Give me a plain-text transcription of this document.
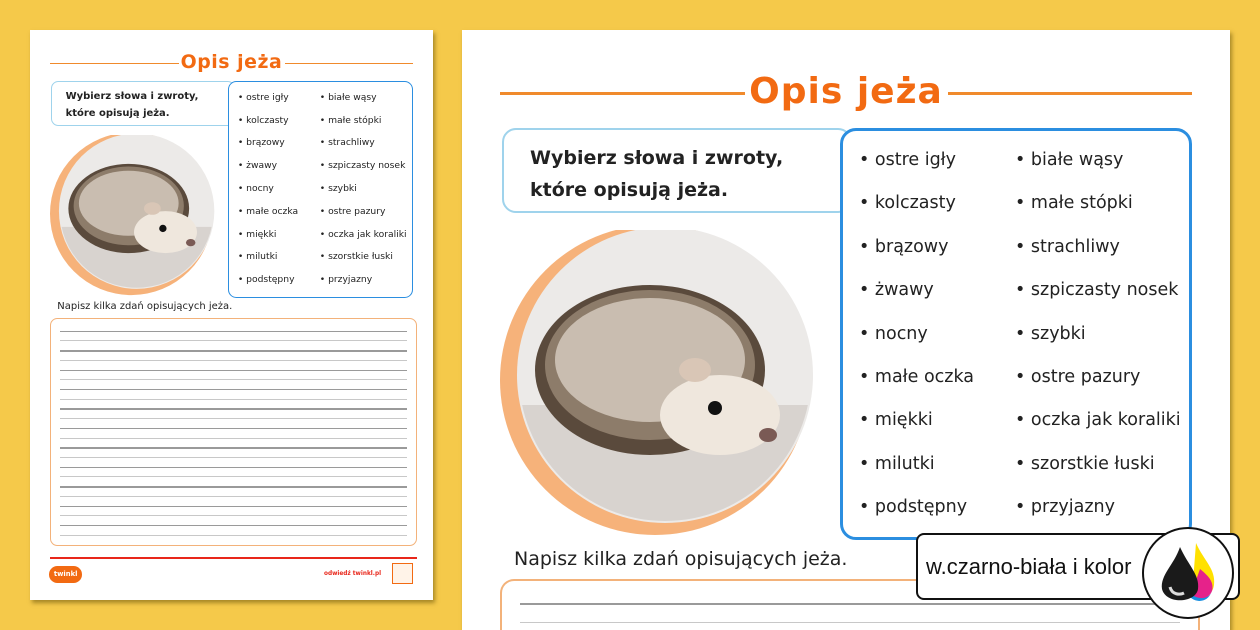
Opis jeża
Wybierz słowa i zwroty, które opisują jeża.
• ostre igły
• kolczasty
• brązowy
• żwawy
• nocny
• małe oczka
• miękki
• milutki
• podstępny
• białe wąsy
• małe stópki
• strachliwy
• szpiczasty nosek
• szybki
• ostre pazury
• oczka jak koraliki
• szorstkie łuski
• przyjazny
Napisz kilka zdań opisujących jeża.
twinkl	odwiedź twinkl.pl
Opis jeża
Wybierz słowa i zwroty, które opisują jeża.
• ostre igły
• kolczasty
• brązowy
• żwawy
• nocny
• małe oczka
• miękki
• milutki
• podstępny
• białe wąsy
• małe stópki
• strachliwy
• szpiczasty nosek
• szybki
• ostre pazury
• oczka jak koraliki
• szorstkie łuski
• przyjazny
Napisz kilka zdań opisujących jeża.	w.czarno-biała i kolor
